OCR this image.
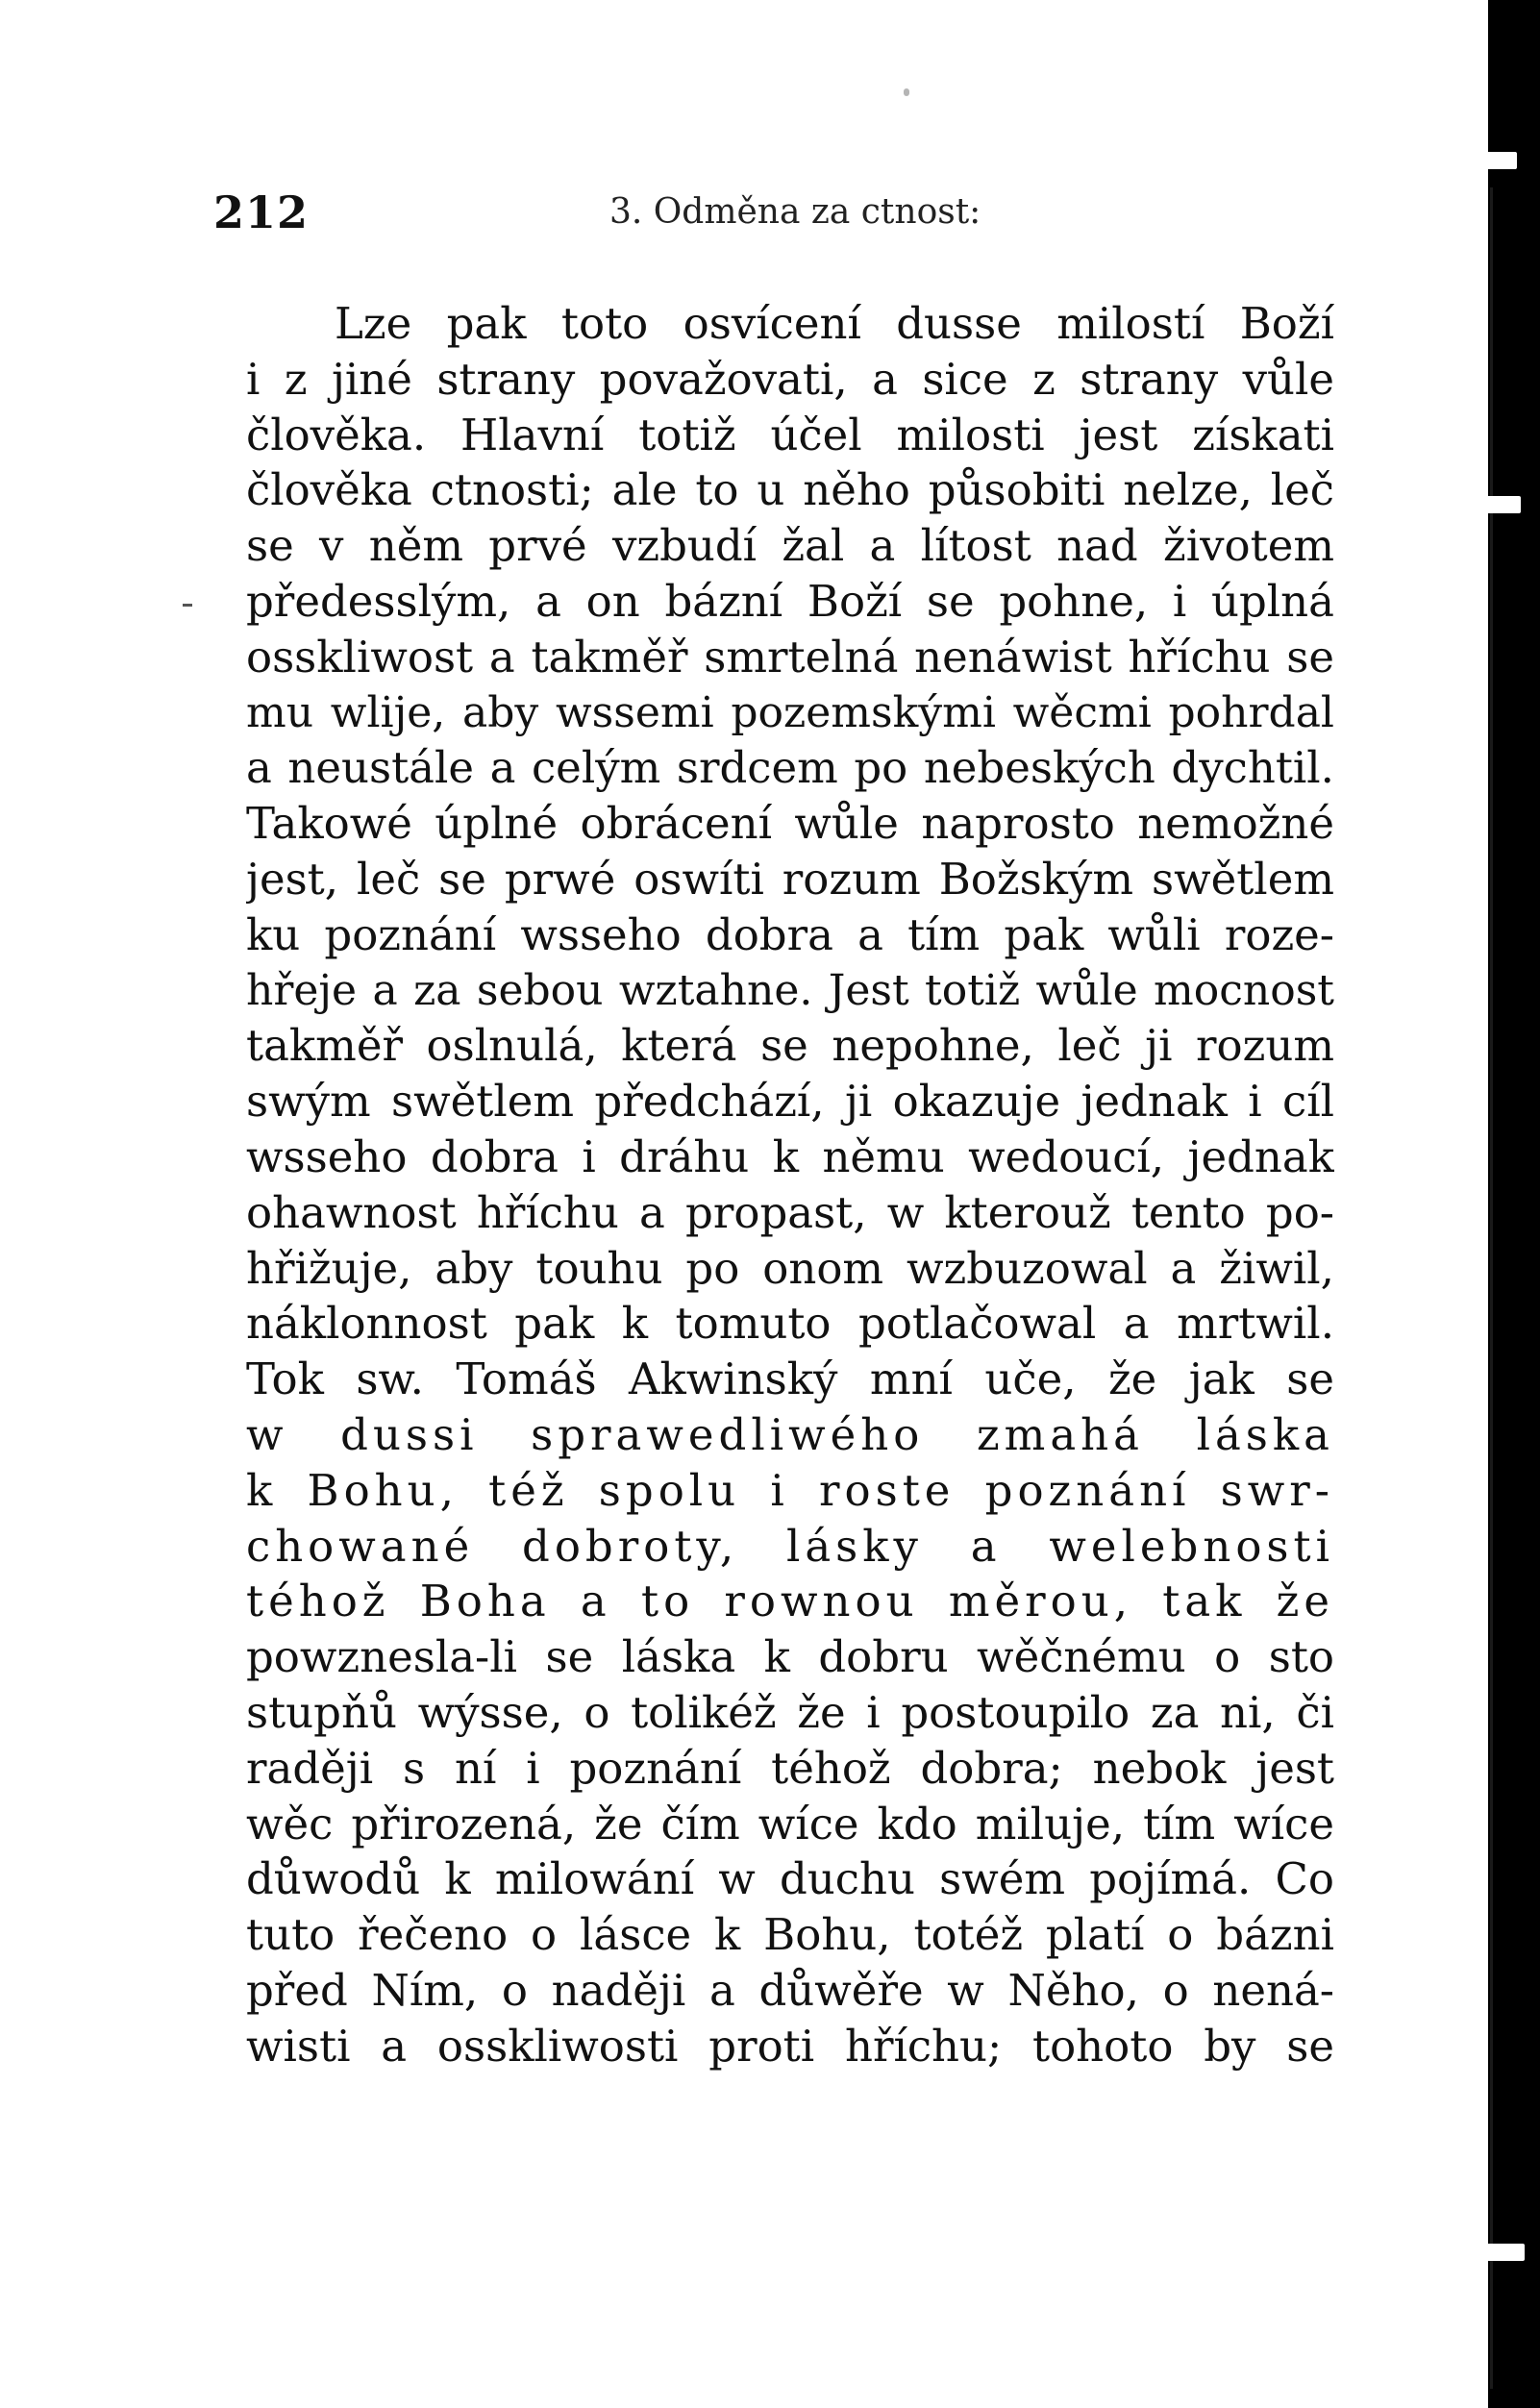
212	3. Odměna za ctnost:
Lze pak toto osvícení dusse milostí Boží
i z jiné strany považovati, a sice z strany vůle
člověka. Hlavní totiž účel milosti jest získati
člověka ctnosti; ale to u něho působiti nelze, leč
se v něm prvé vzbudí žal a lítost nad životem
předesslým, a on bázní Boží se pohne, i úplná
osskliwost a takměř smrtelná nenáwist hříchu se
mu wlije, aby wssemi pozemskými wěcmi pohrdal
a neustále a celým srdcem po nebeských dychtil.
Takowé úplné obrácení wůle naprosto nemožné
jest, leč se prwé oswíti rozum Božským swětlem
ku poznání wsseho dobra a tím pak wůli roze-
hřeje a za sebou wztahne. Jest totiž wůle mocnost
takměř oslnulá, která se nepohne, leč ji rozum
swým swětlem předchází, ji okazuje jednak i cíl
wsseho dobra i dráhu k němu wedoucí, jednak
ohawnost hříchu a propast, w kterouž tento po-
hřižuje, aby touhu po onom wzbuzowal a žiwil,
náklonnost pak k tomuto potlačowal a mrtwil.
Tok sw. Tomáš Akwinský mní uče, že jak se
w dussi sprawedliwého zmahá láska
k Bohu, též spolu i roste poznání swr-
chowané dobroty, lásky a welebnosti
téhož Boha a to rownou měrou, tak že
powznesla-li se láska k dobru wěčnému o sto
stupňů wýsse, o tolikéž že i postoupilo za ni, či
raději s ní i poznání téhož dobra; nebok jest
wěc přirozená, že čím wíce kdo miluje, tím wíce
důwodů k milowání w duchu swém pojímá. Co
tuto řečeno o lásce k Bohu, totéž platí o bázni
před Ním, o naději a důwěře w Něho, o nená-
wisti a osskliwosti proti hříchu; tohoto by se
